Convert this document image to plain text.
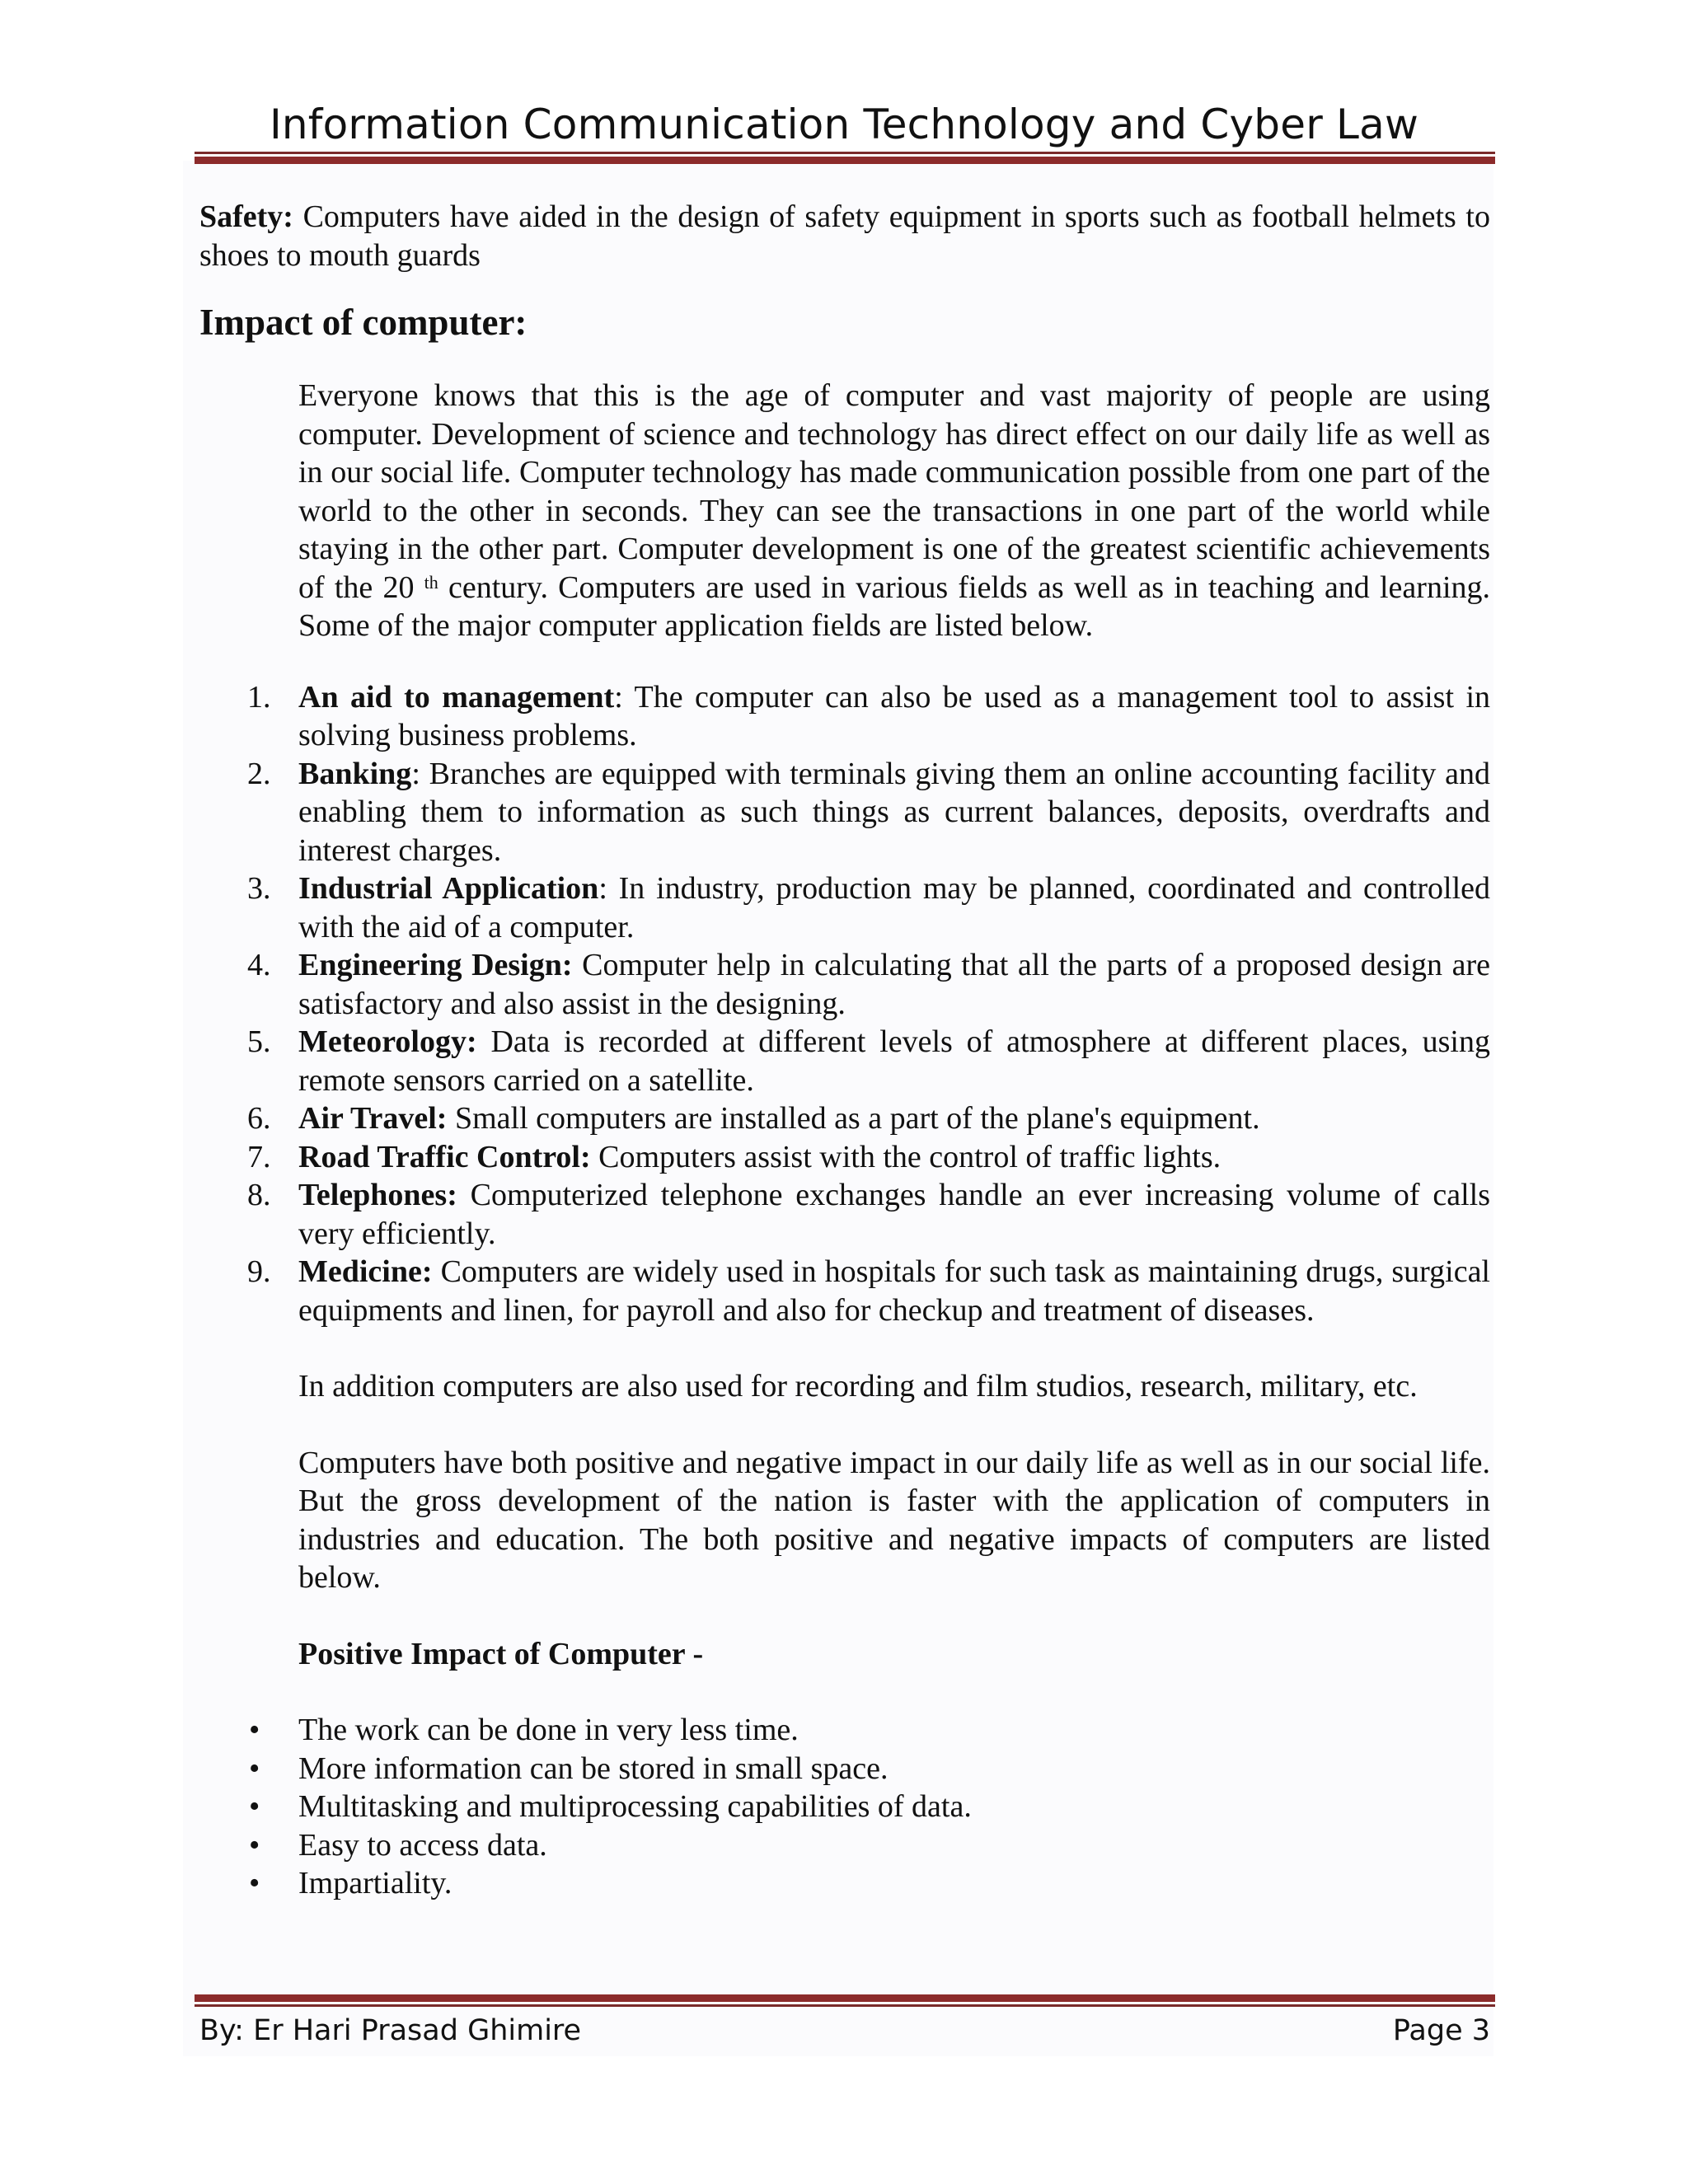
Information Communication Technology and Cyber Law

Safety: Computers have aided in the design of safety equipment in sports such as football helmets to shoes to mouth guards

Impact of computer:

Everyone knows that this is the age of computer and vast majority of people are using computer. Development of science and technology has direct effect on our daily life as well as in our social life. Computer technology has made communication possible from one part of the world to the other in seconds. They can see the transactions in one part of the world while staying in the other part. Computer development is one of the greatest scientific achievements of the 20 $^{th}$ century. Computers are used in various fields as well as in teaching and learning. Some of the major computer application fields are listed below.

1. An aid to management: The computer can also be used as a management tool to assist in solving business problems.
2. Banking: Branches are equipped with terminals giving them an online accounting facility and enabling them to information as such things as current balances, deposits, overdrafts and interest charges.
3. Industrial Application: In industry, production may be planned, coordinated and controlled with the aid of a computer.
4. Engineering Design: Computer help in calculating that all the parts of a proposed design are satisfactory and also assist in the designing.
5. Meteorology: Data is recorded at different levels of atmosphere at different places, using remote sensors carried on a satellite.
6. Air Travel: Small computers are installed as a part of the plane's equipment.
7. Road Traffic Control: Computers assist with the control of traffic lights.
8. Telephones: Computerized telephone exchanges handle an ever increasing volume of calls very efficiently.
9. Medicine: Computers are widely used in hospitals for such task as maintaining drugs, surgical equipments and linen, for payroll and also for checkup and treatment of diseases.

In addition computers are also used for recording and film studios, research, military, etc.

Computers have both positive and negative impact in our daily life as well as in our social life. But the gross development of the nation is faster with the application of computers in industries and education. The both positive and negative impacts of computers are listed below.

Positive Impact of Computer -

• The work can be done in very less time.
• More information can be stored in small space.
• Multitasking and multiprocessing capabilities of data.
• Easy to access data.
• Impartiality.
By: Er Hari Prasad Ghimire	Page 3
